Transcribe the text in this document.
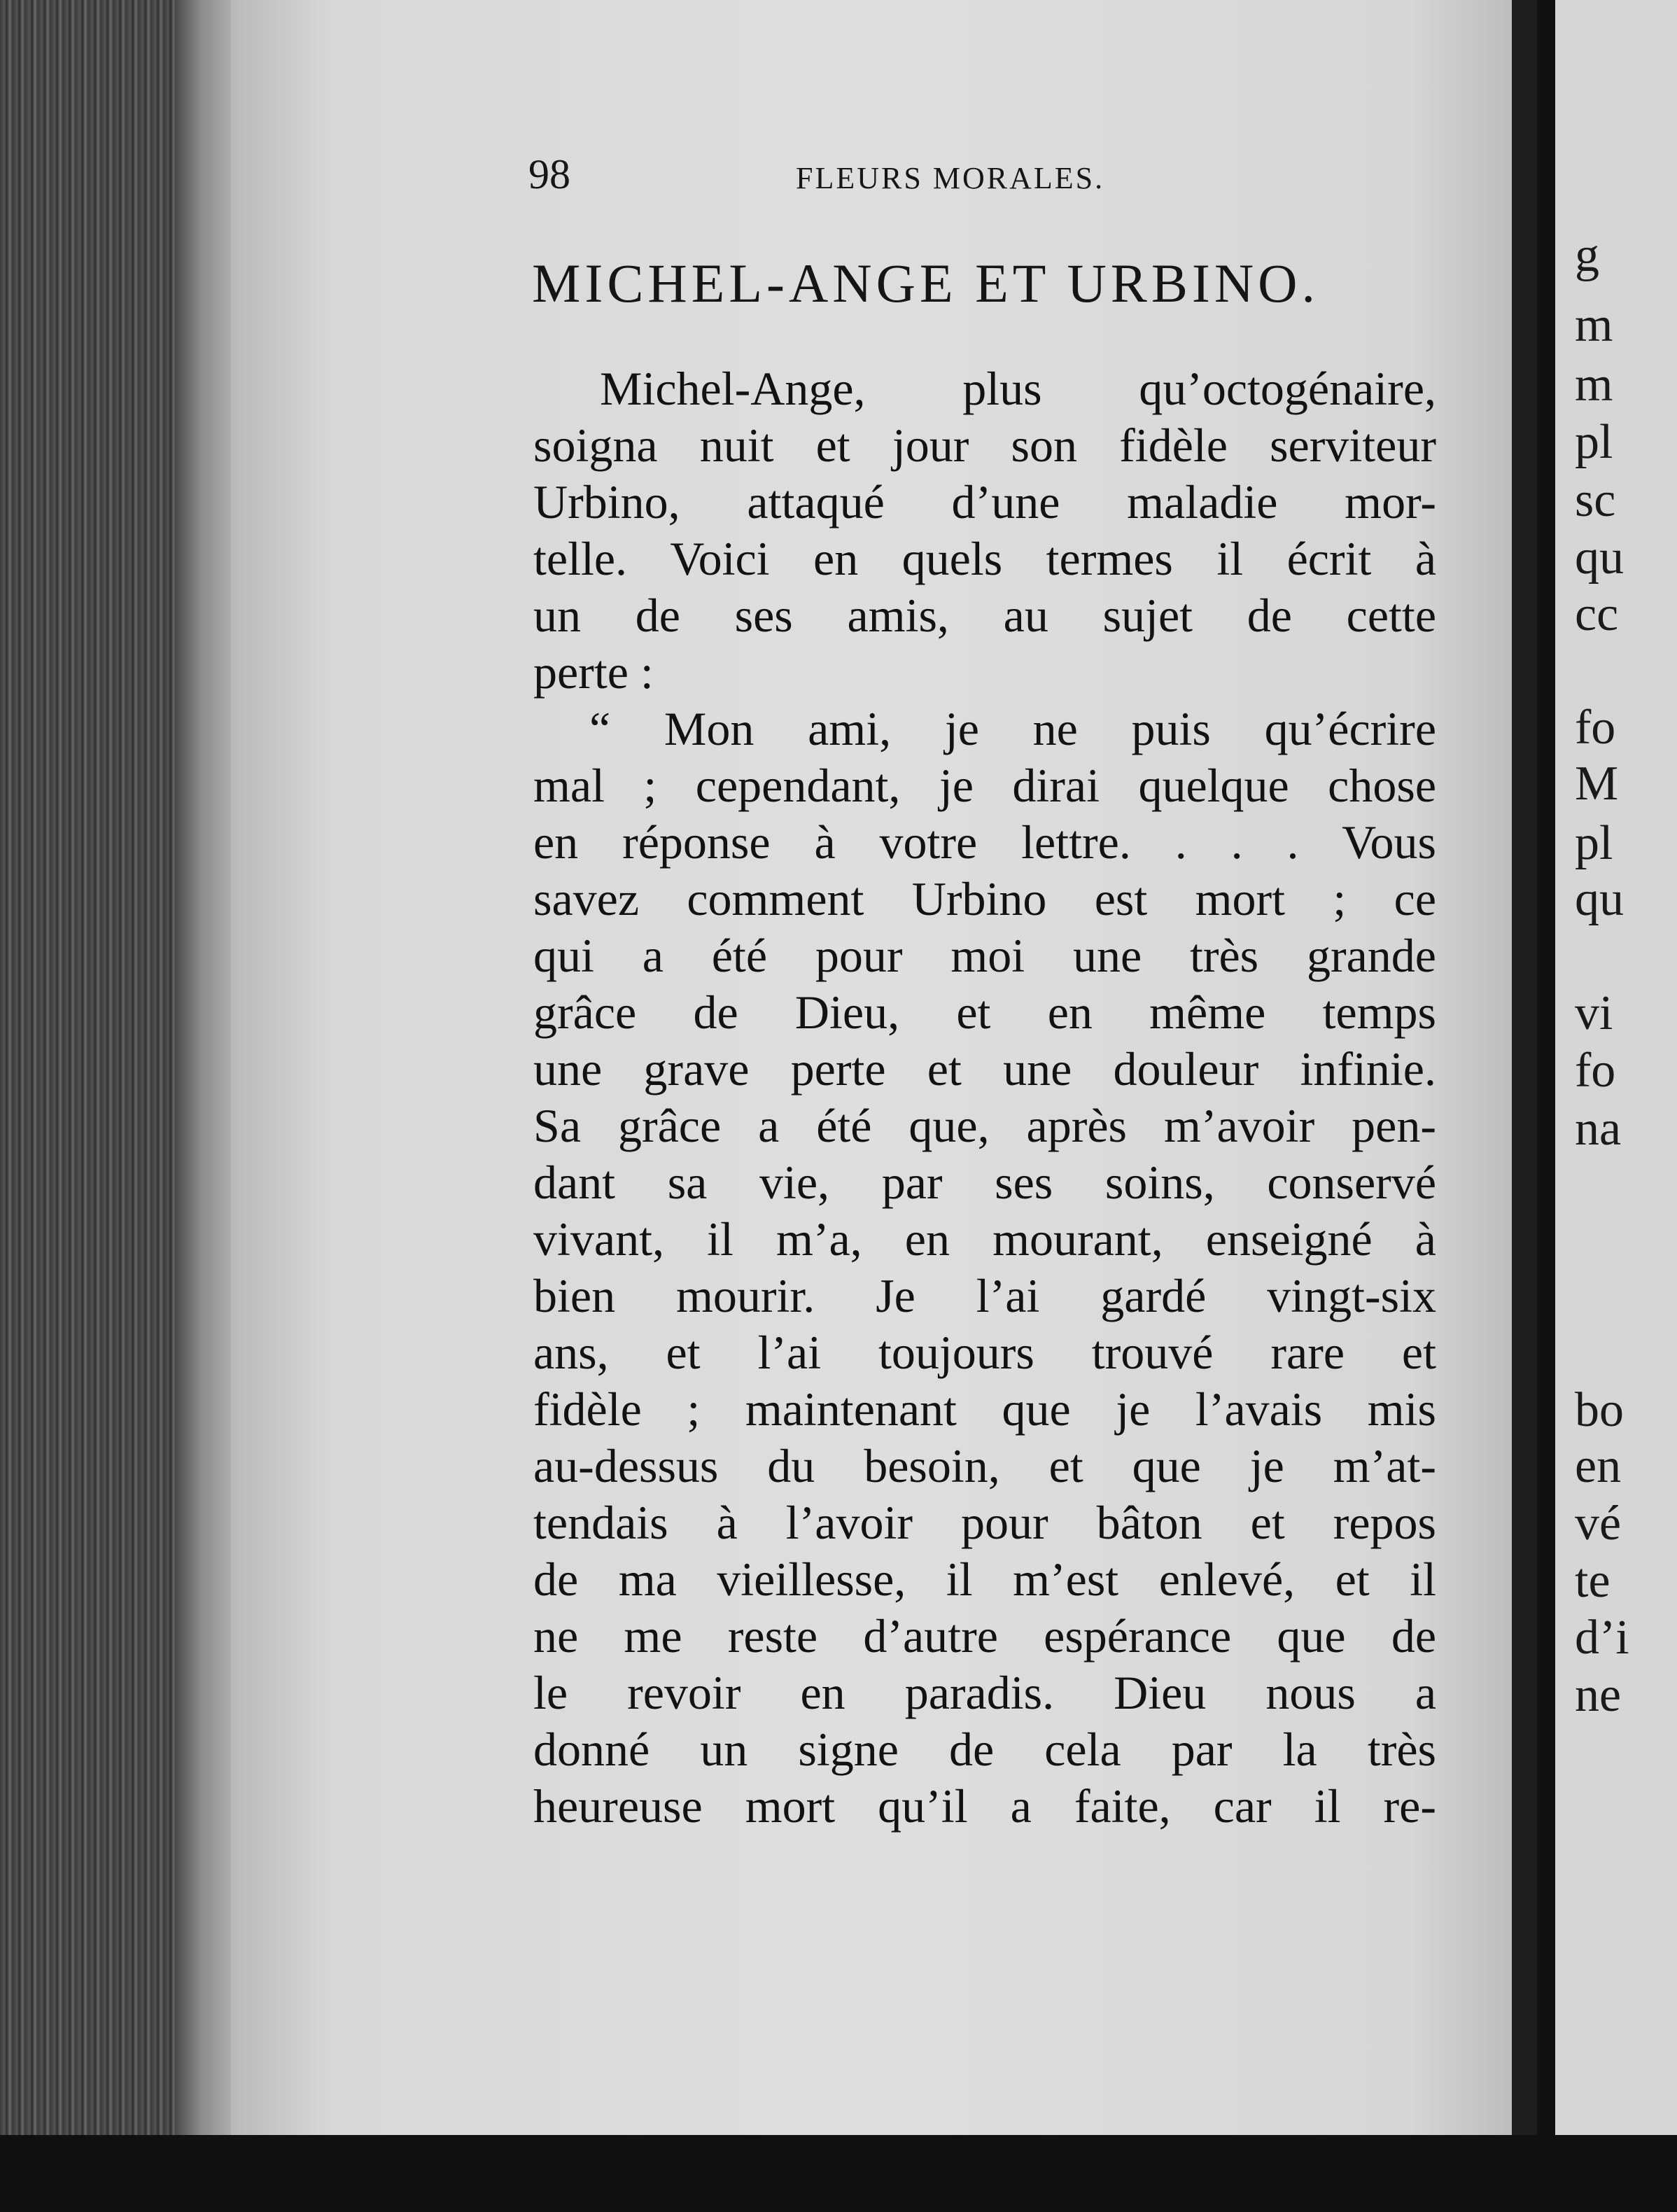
g
m
m
pl
sc
qu
cc
fo
M
pl
qu
vi
fo
na
bo
en
vé
te
d’i
ne
98	FLEURS MORALES.
MICHEL-ANGE ET URBINO.
Michel-Ange, plus qu’octogénaire,
soigna nuit et jour son fidèle serviteur
Urbino, attaqué d’une maladie mor-
telle. Voici en quels termes il écrit à
un de ses amis, au sujet de cette
perte :
“ Mon ami, je ne puis qu’écrire
mal ; cependant, je dirai quelque chose
en réponse à votre lettre. . . . Vous
savez comment Urbino est mort ; ce
qui a été pour moi une très grande
grâce de Dieu, et en même temps
une grave perte et une douleur infinie.
Sa grâce a été que, après m’avoir pen-
dant sa vie, par ses soins, conservé
vivant, il m’a, en mourant, enseigné à
bien mourir. Je l’ai gardé vingt-six
ans, et l’ai toujours trouvé rare et
fidèle ; maintenant que je l’avais mis
au-dessus du besoin, et que je m’at-
tendais à l’avoir pour bâton et repos
de ma vieillesse, il m’est enlevé, et il
ne me reste d’autre espérance que de
le revoir en paradis. Dieu nous a
donné un signe de cela par la très
heureuse mort qu’il a faite, car il re-
